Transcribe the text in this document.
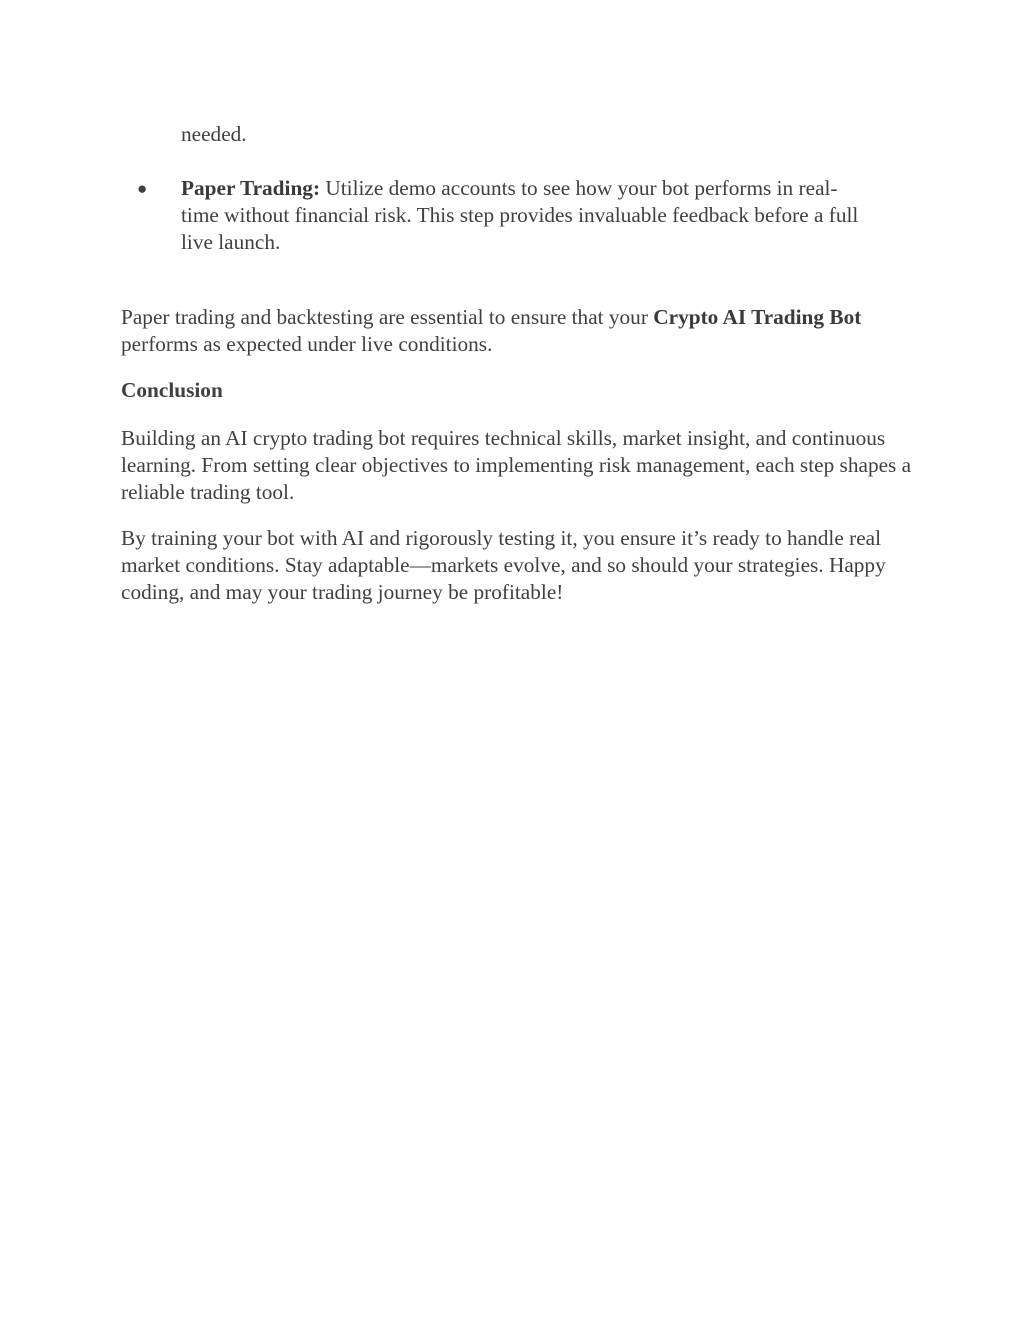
needed.

● Paper Trading: Utilize demo accounts to see how your bot performs in real-time without financial risk. This step provides invaluable feedback before a full live launch.

Paper trading and backtesting are essential to ensure that your Crypto AI Trading Bot performs as expected under live conditions.

Conclusion

Building an AI crypto trading bot requires technical skills, market insight, and continuous learning. From setting clear objectives to implementing risk management, each step shapes a reliable trading tool.

By training your bot with AI and rigorously testing it, you ensure it’s ready to handle real market conditions. Stay adaptable—markets evolve, and so should your strategies. Happy coding, and may your trading journey be profitable!
